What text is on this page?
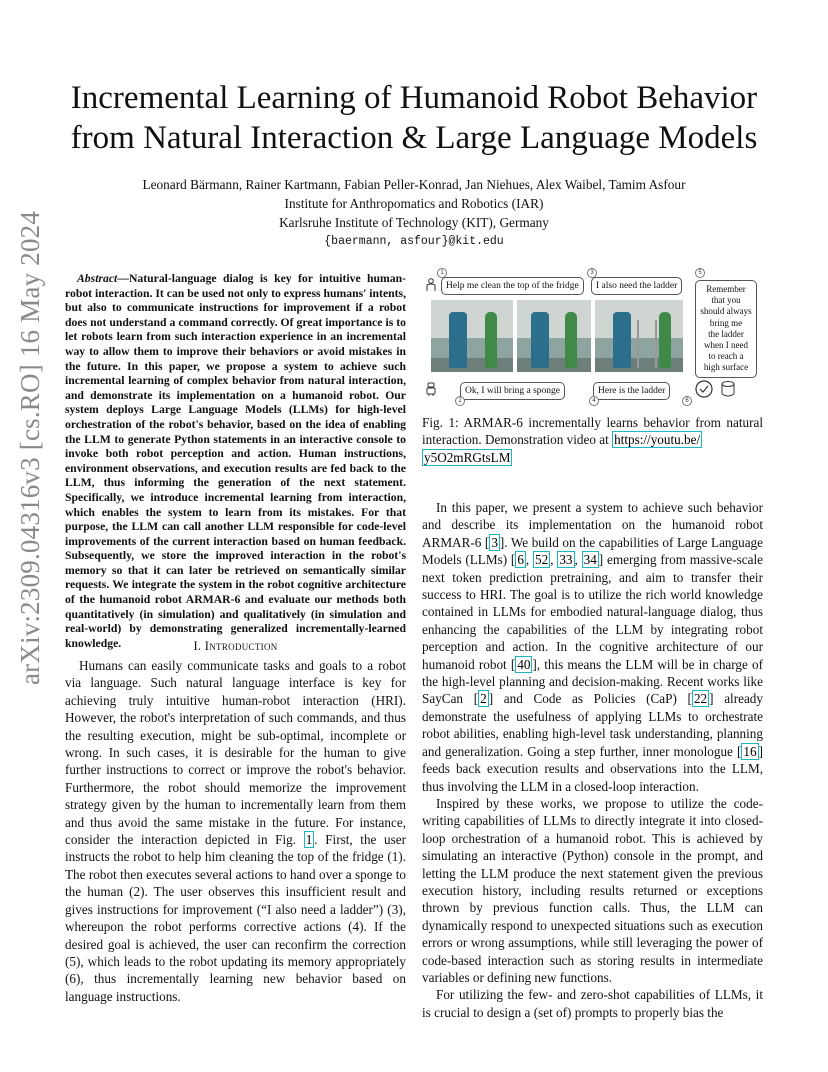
arXiv:2309.04316v3 [cs.RO] 16 May 2024
Incremental Learning of Humanoid Robot Behavior
from Natural Interaction & Large Language Models
Leonard Bärmann, Rainer Kartmann, Fabian Peller-Konrad, Jan Niehues, Alex Waibel, Tamim Asfour
Institute for Anthropomatics and Robotics (IAR)
Karlsruhe Institute of Technology (KIT), Germany
{baermann, asfour}@kit.edu
Abstract—Natural-language dialog is key for intuitive human-robot interaction. It can be used not only to express humans' intents, but also to communicate instructions for improvement if a robot does not understand a command correctly. Of great importance is to let robots learn from such interaction experience in an incremental way to allow them to improve their behaviors or avoid mistakes in the future. In this paper, we propose a system to achieve such incremental learning of complex behavior from natural interaction, and demonstrate its implementation on a humanoid robot. Our system deploys Large Language Models (LLMs) for high-level orchestration of the robot's behavior, based on the idea of enabling the LLM to generate Python statements in an interactive console to invoke both robot perception and action. Human instructions, environment observations, and execution results are fed back to the LLM, thus informing the generation of the next statement. Specifically, we introduce incremental learning from interaction, which enables the system to learn from its mistakes. For that purpose, the LLM can call another LLM responsible for code-level improvements of the current interaction based on human feedback. Subsequently, we store the improved interaction in the robot's memory so that it can later be retrieved on semantically similar requests. We integrate the system in the robot cognitive architecture of the humanoid robot ARMAR-6 and evaluate our methods both quantitatively (in simulation) and qualitatively (in simulation and real-world) by demonstrating generalized incrementally-learned knowledge.	I. Introduction

Humans can easily communicate tasks and goals to a robot via language. Such natural language interface is key for achieving truly intuitive human-robot interaction (HRI). However, the robot's interpretation of such commands, and thus the resulting execution, might be sub-optimal, incomplete or wrong. In such cases, it is desirable for the human to give further instructions to correct or improve the robot's behavior. Furthermore, the robot should memorize the improvement strategy given by the human to incrementally learn from them and thus avoid the same mistake in the future. For instance, consider the interaction depicted in Fig. 1 . First, the user instructs the robot to help him cleaning the top of the fridge (1). The robot then executes several actions to hand over a sponge to the human (2). The user observes this insufficient result and gives instructions for improvement (“I also need a ladder”) (3), whereupon the robot performs corrective actions (4). If the desired goal is achieved, the user can reconfirm the correction (5), which leads to the robot updating its memory appropriately (6), thus incrementally learning new behavior based on language instructions.

Help me clean the top of the fridge
Ok, I will bring a sponge
I also need the ladder
Here is the ladder
Remember
that you
should always
bring me
the ladder
when I need
to reach a
high surface
1
2
3
4
5
6
Fig. 1: ARMAR-6 incrementally learns behavior from natural interaction. Demonstration video at https://youtu.be/
y5O2mRGtsLM

In this paper, we present a system to achieve such behavior and describe its implementation on the humanoid robot ARMAR-6 [ 3 ]. We build on the capabilities of Large Language Models (LLMs) [ 6 , 52 , 33 , 34 ] emerging from massive-scale next token prediction pretraining, and aim to transfer their success to HRI. The goal is to utilize the rich world knowledge contained in LLMs for embodied natural-language dialog, thus enhancing the capabilities of the LLM by integrating robot perception and action. In the cognitive architecture of our humanoid robot [ 40 ], this means the LLM will be in charge of the high-level planning and decision-making. Recent works like SayCan [ 2 ] and Code as Policies (CaP) [ 22 ] already demonstrate the usefulness of applying LLMs to orchestrate robot abilities, enabling high-level task understanding, planning and generalization. Going a step further, inner monologue [ 16 ] feeds back execution results and observations into the LLM, thus involving the LLM in a closed-loop interaction.

Inspired by these works, we propose to utilize the code-writing capabilities of LLMs to directly integrate it into closed-loop orchestration of a humanoid robot. This is achieved by simulating an interactive (Python) console in the prompt, and letting the LLM produce the next statement given the previous execution history, including results returned or exceptions thrown by previous function calls. Thus, the LLM can dynamically respond to unexpected situations such as execution errors or wrong assumptions, while still leveraging the power of code-based interaction such as storing results in intermediate variables or defining new functions.

For utilizing the few- and zero-shot capabilities of LLMs, it is crucial to design a (set of) prompts to properly bias the
